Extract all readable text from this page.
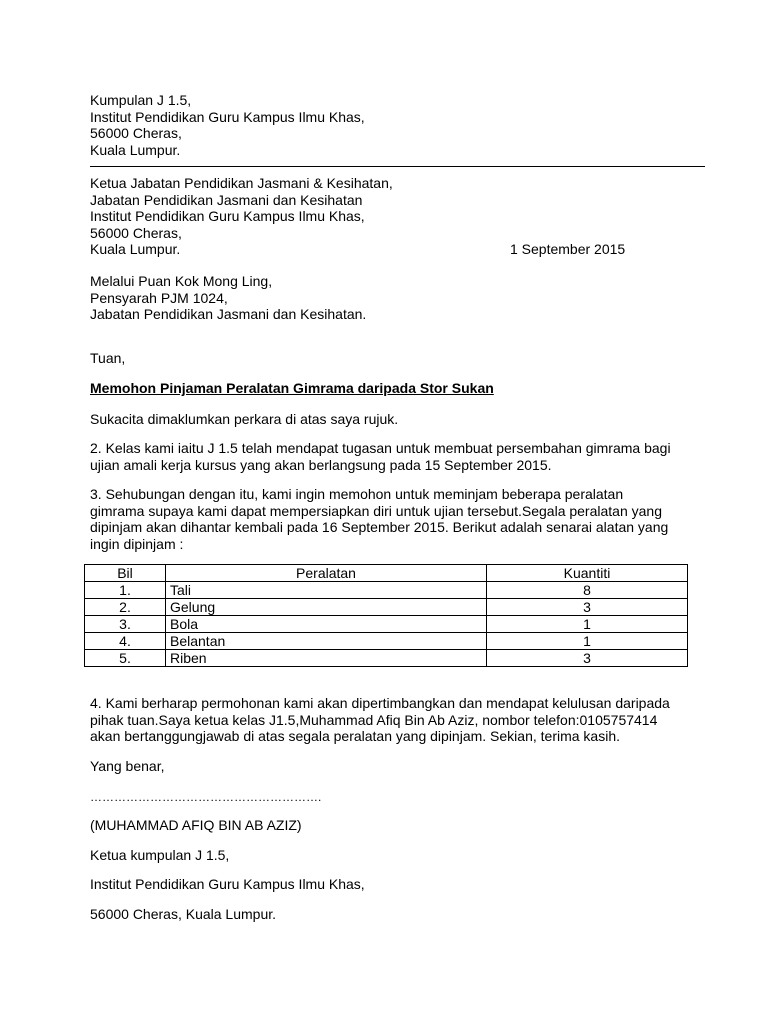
Kumpulan J 1.5,
Institut Pendidikan Guru Kampus Ilmu Khas,
56000 Cheras,
Kuala Lumpur.
Ketua Jabatan Pendidikan Jasmani & Kesihatan,
Jabatan Pendidikan Jasmani dan Kesihatan
Institut Pendidikan Guru Kampus Ilmu Khas,
56000 Cheras,
Kuala Lumpur.	1 September 2015
Melalui Puan Kok Mong Ling,
Pensyarah PJM 1024,
Jabatan Pendidikan Jasmani dan Kesihatan.
Tuan,
Memohon Pinjaman Peralatan Gimrama daripada Stor Sukan
Sukacita dimaklumkan perkara di atas saya rujuk.
2. Kelas kami iaitu J 1.5 telah mendapat tugasan untuk membuat persembahan gimrama bagi
ujian amali kerja kursus yang akan berlangsung pada 15 September 2015.
3. Sehubungan dengan itu, kami ingin memohon untuk meminjam beberapa peralatan
gimrama supaya kami dapat mempersiapkan diri untuk ujian tersebut.Segala peralatan yang
dipinjam akan dihantar kembali pada 16 September 2015. Berikut adalah senarai alatan yang
ingin dipinjam :
Bil	Peralatan	Kuantiti
1.	Tali	8
2.	Gelung	3
3.	Bola	1
4.	Belantan	1
5.	Riben	3
4. Kami berharap permohonan kami akan dipertimbangkan dan mendapat kelulusan daripada
pihak tuan.Saya ketua kelas J1.5,Muhammad Afiq Bin Ab Aziz, nombor telefon:0105757414
akan bertanggungjawab di atas segala peralatan yang dipinjam. Sekian, terima kasih.
Yang benar,
………………………………………………….
(MUHAMMAD AFIQ BIN AB AZIZ)
Ketua kumpulan J 1.5,
Institut Pendidikan Guru Kampus Ilmu Khas,
56000 Cheras, Kuala Lumpur.
